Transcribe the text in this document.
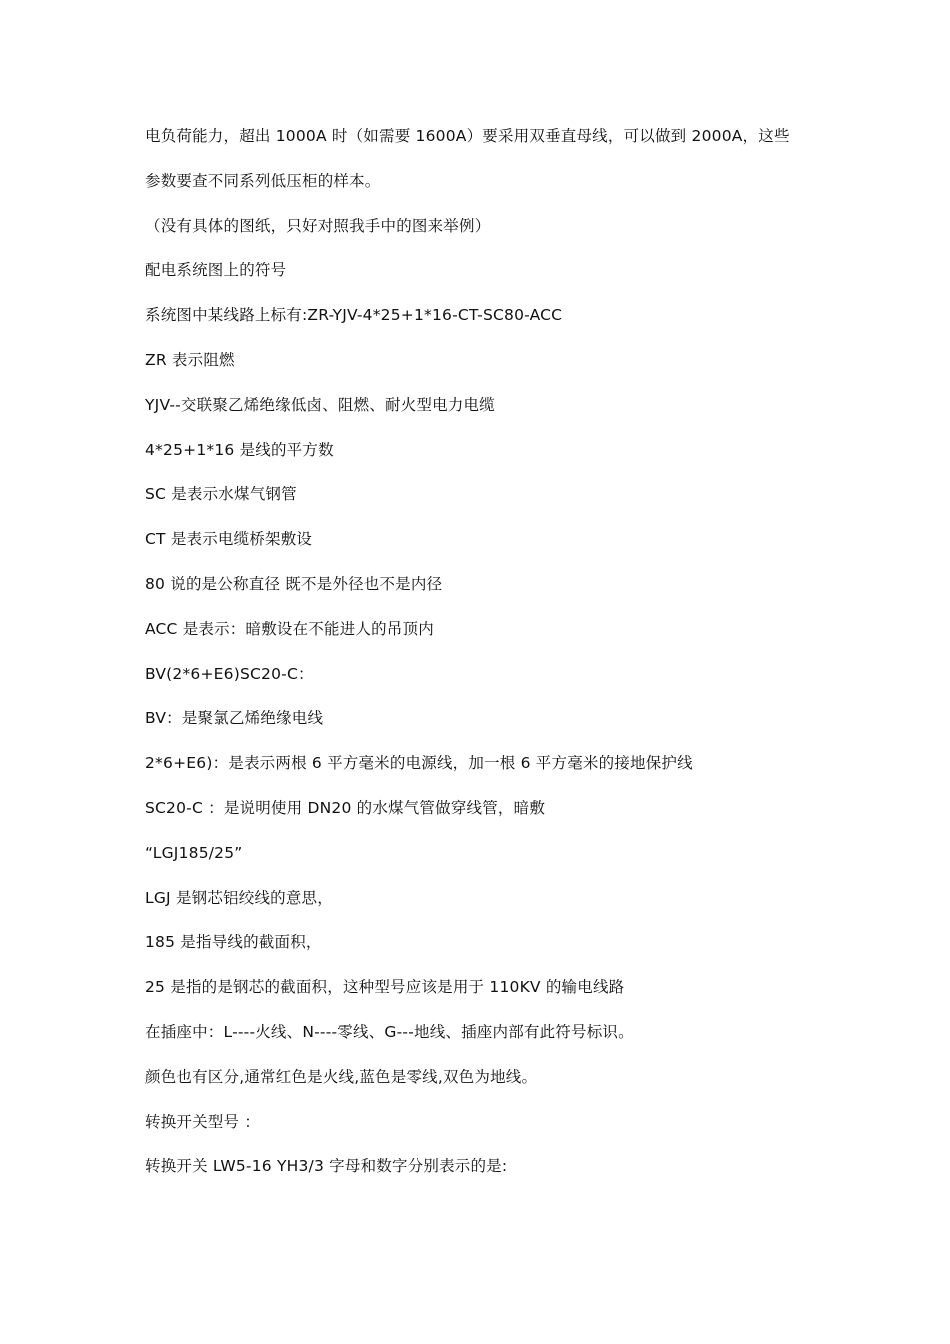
电负荷能力，超出 1000A 时（如需要 1600A）要采用双垂直母线，可以做到 2000A，这些
参数要查不同系列低压柜的样本。
（没有具体的图纸，只好对照我手中的图来举例）
配电系统图上的符号
系统图中某线路上标有:ZR-YJV-4*25+1*16-CT-SC80-ACC
ZR 表示阻燃
YJV--交联聚乙烯绝缘低卤、阻燃、耐火型电力电缆
4*25+1*16 是线的平方数
SC 是表示水煤气钢管
CT 是表示电缆桥架敷设
80 说的是公称直径 既不是外径也不是内径
ACC 是表示：暗敷设在不能进人的吊顶内
BV(2*6+E6)SC20-C：
BV：是聚氯乙烯绝缘电线
2*6+E6)：是表示两根 6 平方毫米的电源线，加一根 6 平方毫米的接地保护线
SC20-C ：是说明使用 DN20 的水煤气管做穿线管，暗敷
“LGJ185/25”
LGJ 是钢芯铝绞线的意思，
185 是指导线的截面积，
25 是指的是钢芯的截面积，这种型号应该是用于 110KV 的输电线路
在插座中：L----火线、N----零线、G---地线、插座内部有此符号标识。
颜色也有区分,通常红色是火线,蓝色是零线,双色为地线。
转换开关型号 ：
转换开关 LW5-16 YH3/3 字母和数字分别表示的是:
